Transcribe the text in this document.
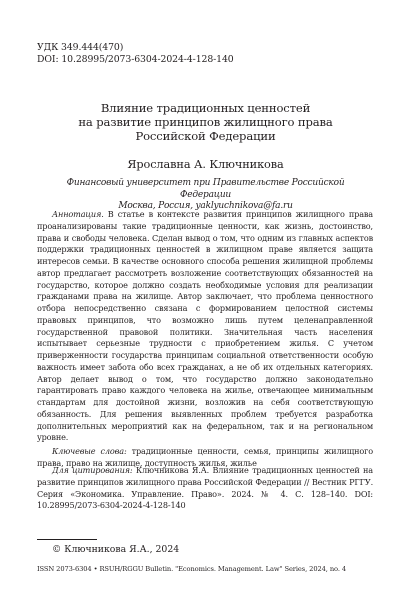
УДК 349.444(470)
DOI: 10.28995/2073-6304-2024-4-128-140
Влияние традиционных ценностей
на развитие принципов жилищного права
Российской Федерации
Ярославна А. Ключникова
Финансовый университет при Правительстве Российской Федерации
Москва, Россия, yaklyuchnikova@fa.ru

Аннотация. В статье в контексте развития принципов жилищного права проанализированы такие традиционные ценности, как жизнь, достоинство, права и свободы человека. Сделан вывод о том, что одним из главных аспектов поддержки традиционных ценностей в жилищном праве является защита интересов семьи. В качестве основного способа решения жилищной проблемы автор предлагает рассмотреть возложение соответствующих обязанностей на государство, которое должно создать необходимые условия для реализации гражданами права на жилище. Автор заключает, что проблема ценностного отбора непосредственно связана с формированием целостной системы правовых принципов, что возможно лишь путем целенаправленной государственной правовой политики. Значительная часть населения испытывает серьезные трудности с приобретением жилья. С учетом приверженности государства принципам социальной ответственности особую важность имеет забота обо всех гражданах, а не об их отдельных категориях. Автор делает вывод о том, что государство должно законодательно гарантировать право каждого человека на жилье, отвечающее минимальным стандартам для достойной жизни, возложив на себя соответствующую обязанность. Для решения выявленных проблем требуется разработка дополнительных мероприятий как на федеральном, так и на региональном уровне.

Ключевые слова: традиционные ценности, семья, принципы жилищного права, право на жилище, доступность жилья, жилье

Для цитирования: Ключникова Я.А. Влияние традиционных ценностей на развитие принципов жилищного права Российской Федерации // Вестник РГГУ. Серия «Экономика. Управление. Право». 2024. № 4. С. 128–140. DOI: 10.28995/2073-6304-2024-4-128-140

© Ключникова Я.А., 2024
ISSN 2073-6304 • RSUH/RGGU Bulletin. "Economics. Management. Law" Series, 2024, no. 4
